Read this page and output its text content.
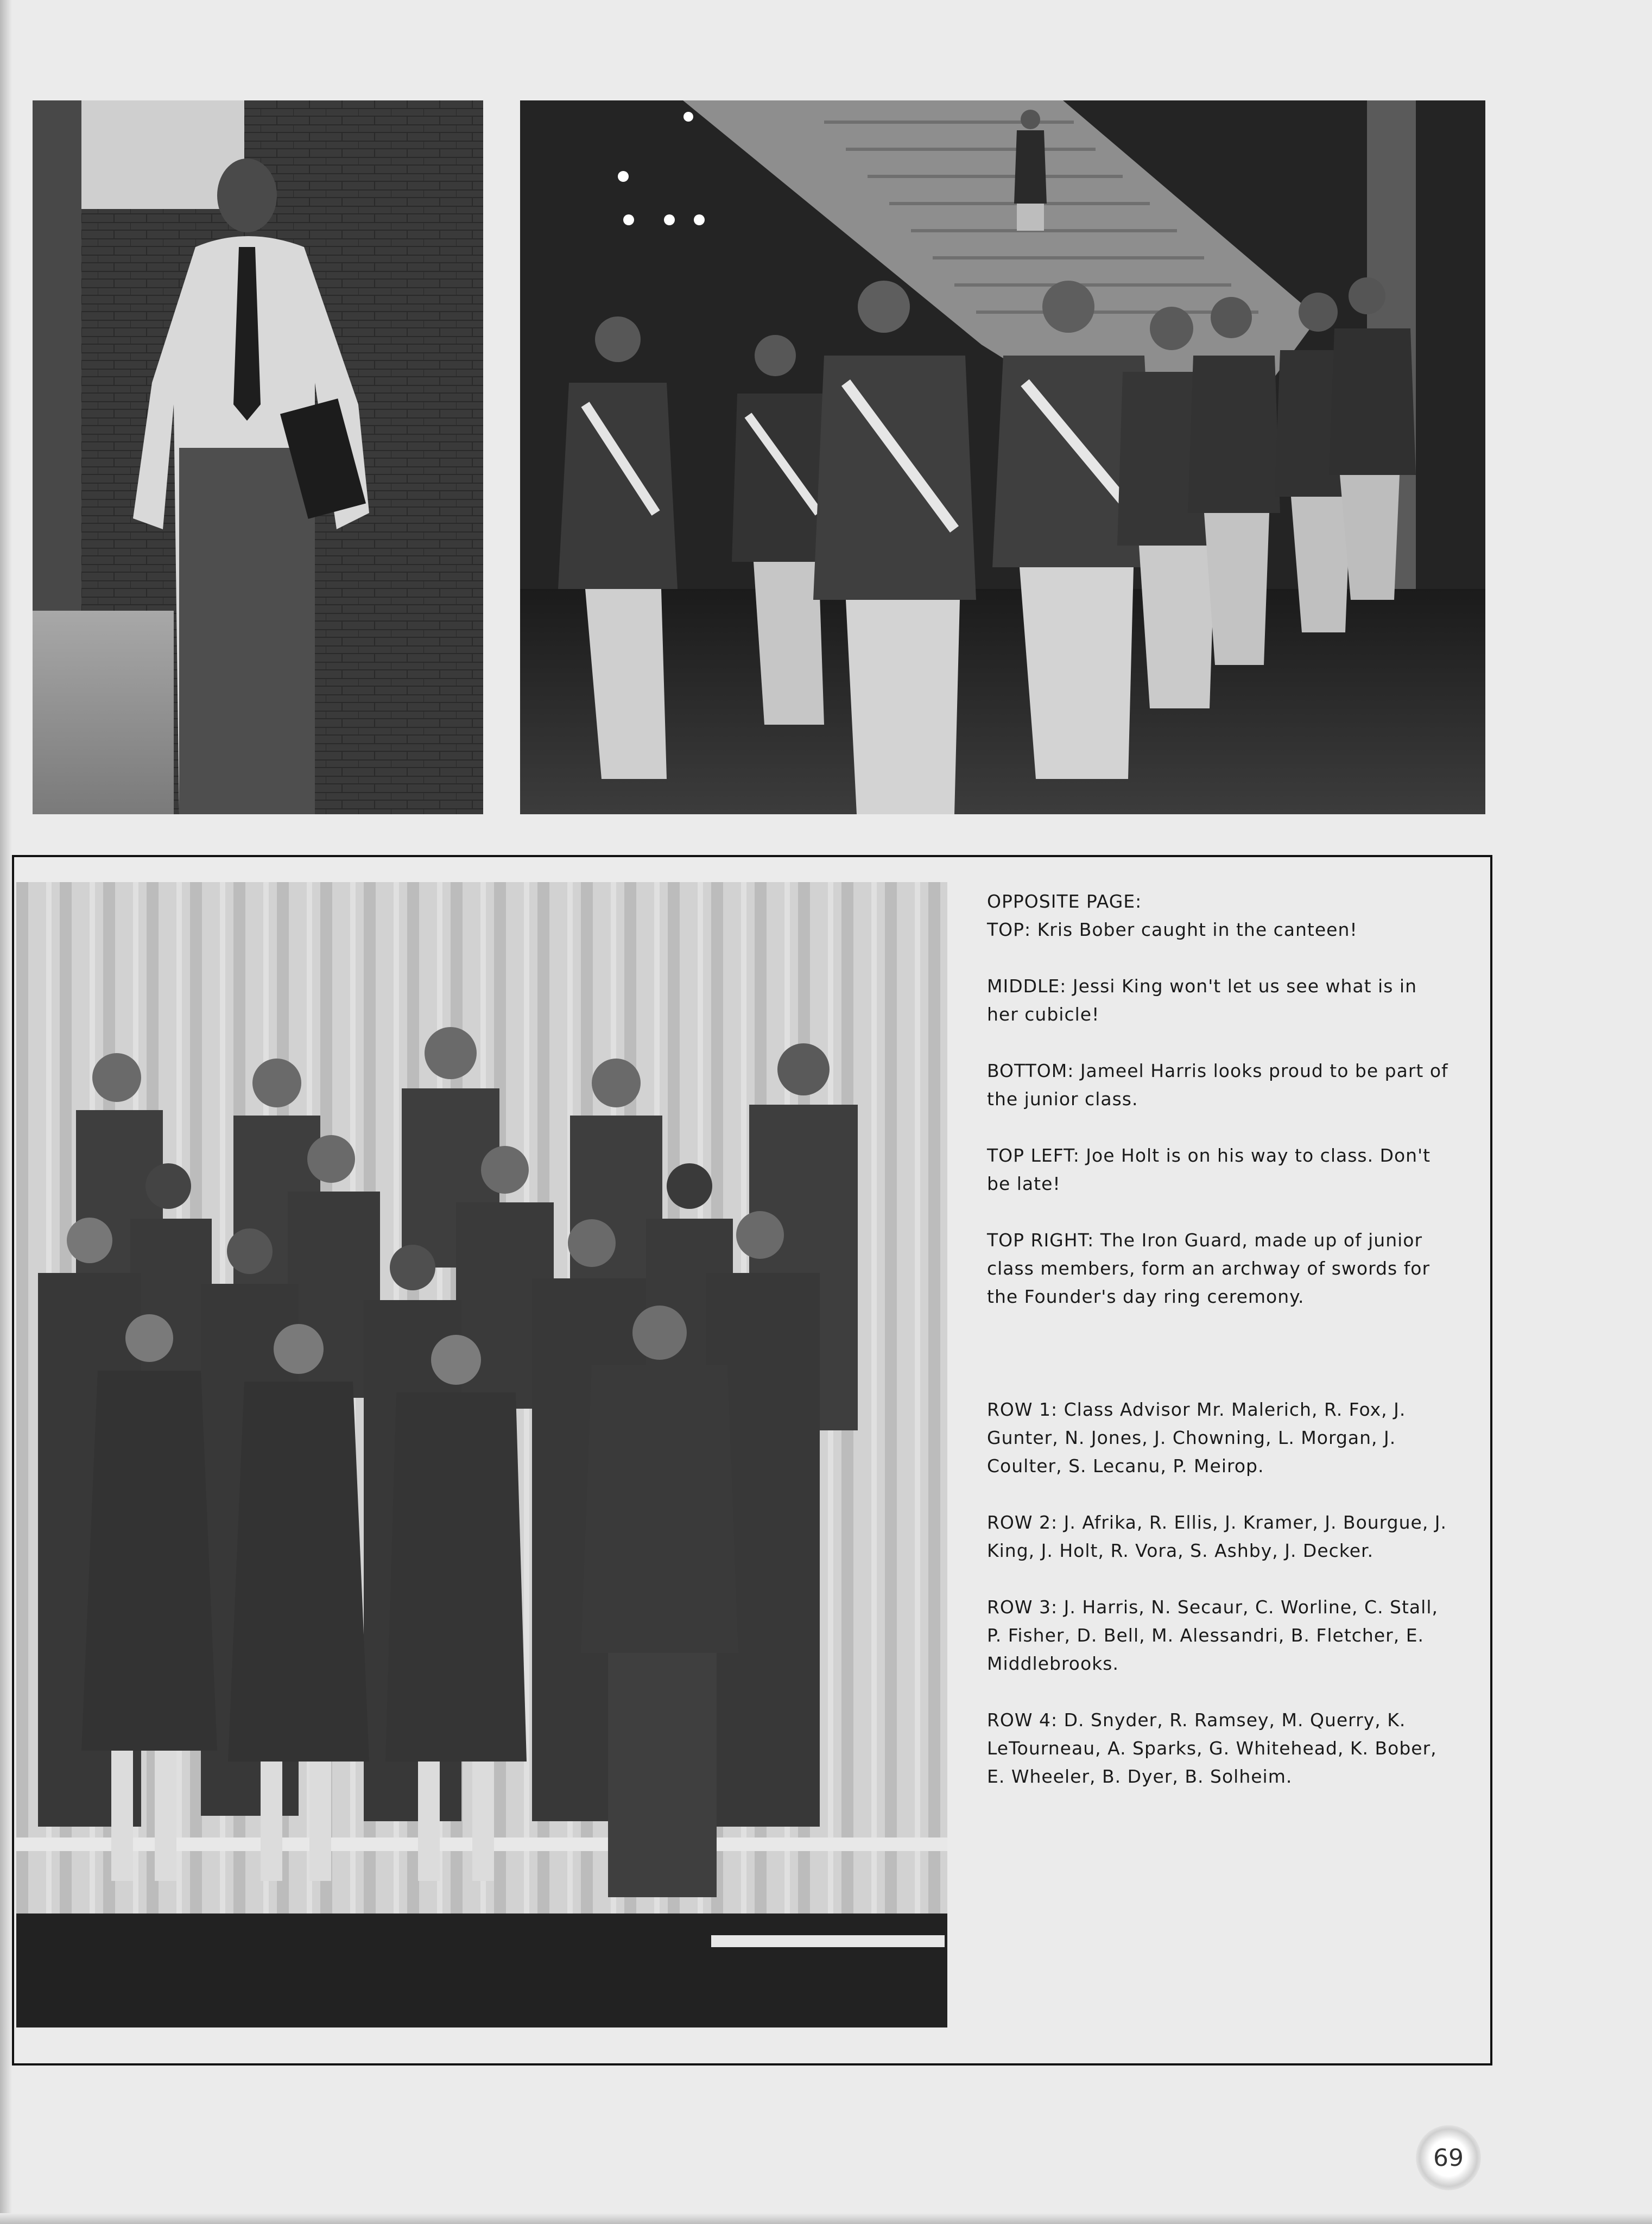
OPPOSITE PAGE:
TOP: Kris Bober caught in the canteen!

MIDDLE: Jessi King won't let us see what is in her cubicle!

BOTTOM: Jameel Harris looks proud to be part of the junior class.

TOP LEFT: Joe Holt is on his way to class. Don't be late!

TOP RIGHT: The Iron Guard, made up of junior class members, form an archway of swords for the Founder's day ring ceremony.

ROW 1: Class Advisor Mr. Malerich, R. Fox, J. Gunter, N. Jones, J. Chowning, L. Morgan, J. Coulter, S. Lecanu, P. Meirop.

ROW 2: J. Afrika, R. Ellis, J. Kramer, J. Bourgue, J. King, J. Holt, R. Vora, S. Ashby, J. Decker.

ROW 3: J. Harris, N. Secaur, C. Worline, C. Stall, P. Fisher, D. Bell, M. Alessandri, B. Fletcher, E. Middlebrooks.

ROW 4: D. Snyder, R. Ramsey, M. Querry, K. LeTourneau, A. Sparks, G. Whitehead, K. Bober, E. Wheeler, B. Dyer, B. Solheim.

69
